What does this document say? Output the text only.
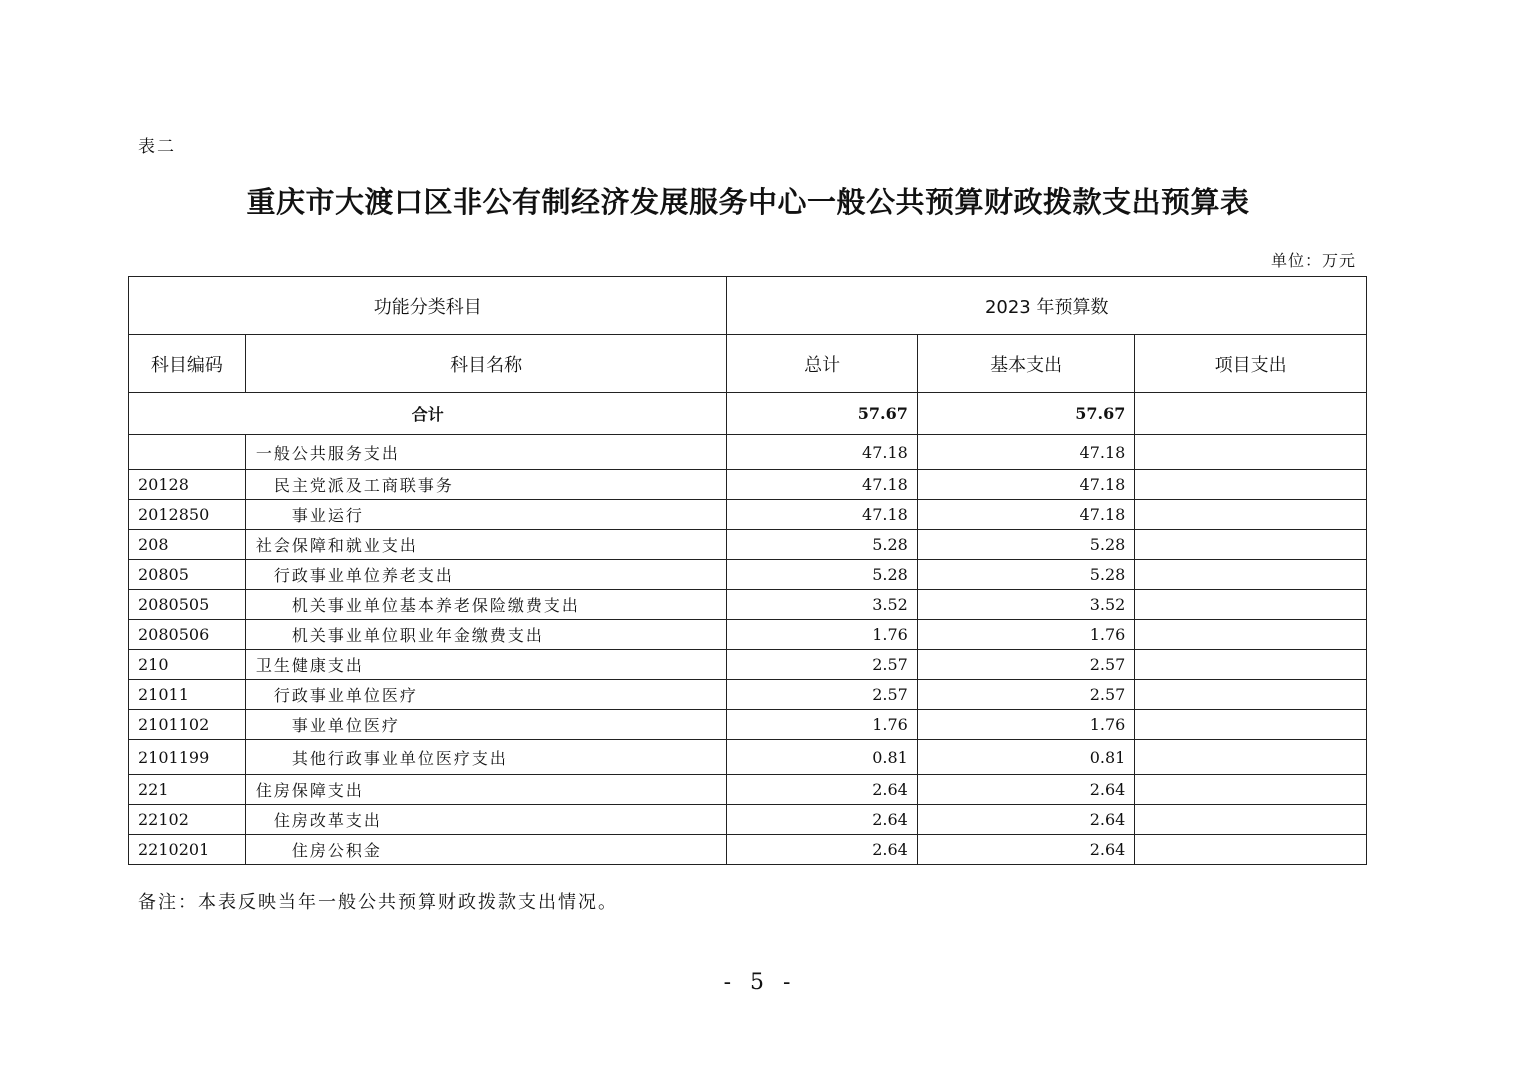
表二
重庆市大渡口区非公有制经济发展服务中心一般公共预算财政拨款支出预算表
单位：万元
功能分类科目		2023 年预算数		
科目编码	科目名称	总计	基本支出	项目支出
合计		57.67	57.67	
	一般公共服务支出	47.18	47.18	
20128	民主党派及工商联事务	47.18	47.18	
2012850	事业运行	47.18	47.18	
208	社会保障和就业支出	5.28	5.28	
20805	行政事业单位养老支出	5.28	5.28	
2080505	机关事业单位基本养老保险缴费支出	3.52	3.52	
2080506	机关事业单位职业年金缴费支出	1.76	1.76	
210	卫生健康支出	2.57	2.57	
21011	行政事业单位医疗	2.57	2.57	
2101102	事业单位医疗	1.76	1.76	
2101199	其他行政事业单位医疗支出	0.81	0.81	
221	住房保障支出	2.64	2.64	
22102	住房改革支出	2.64	2.64	
2210201	住房公积金	2.64	2.64	
备注：本表反映当年一般公共预算财政拨款支出情况。
- 5 -
